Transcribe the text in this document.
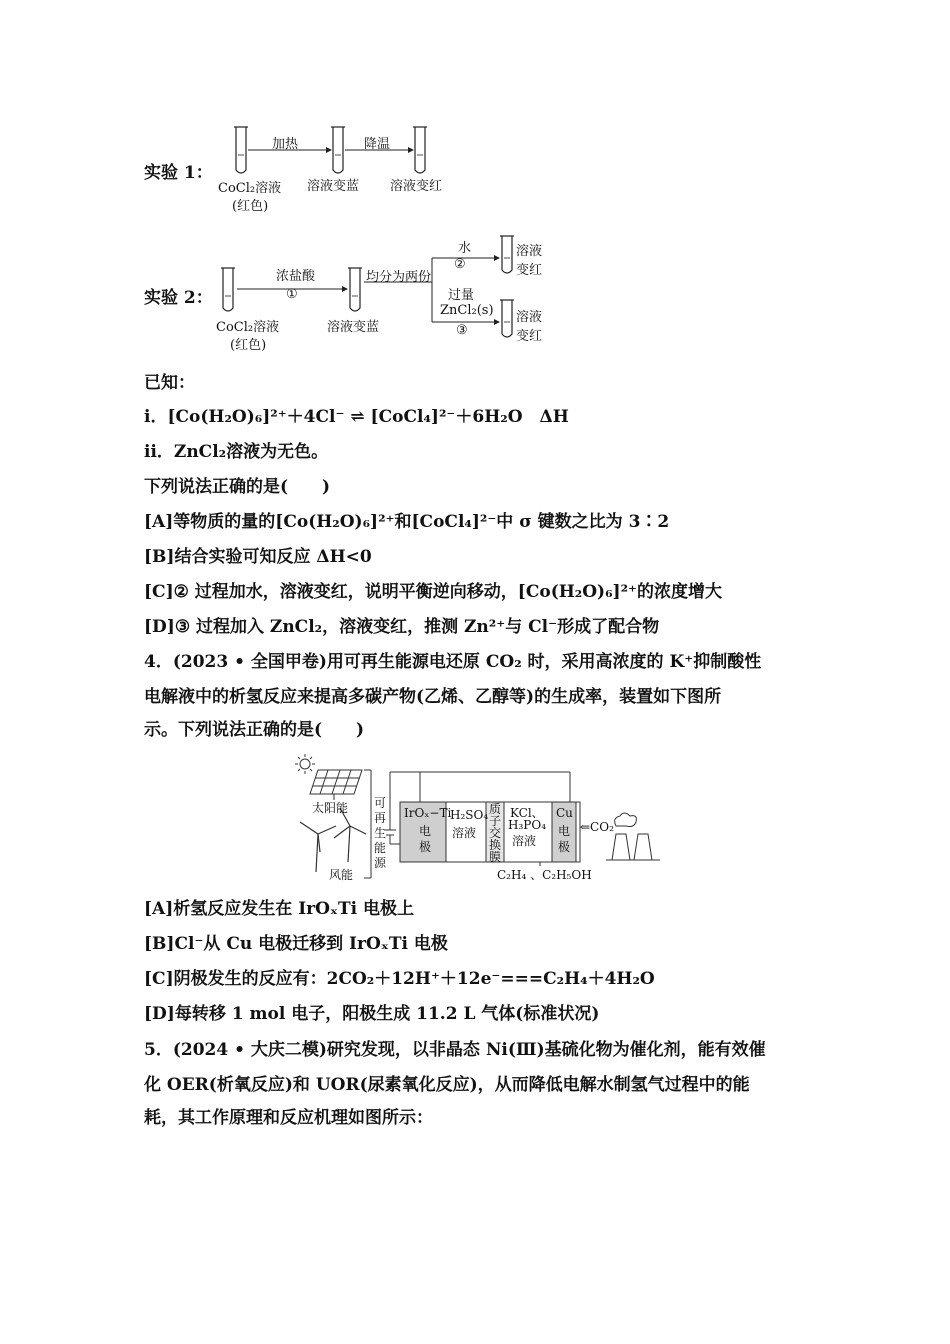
实验 1：
加热	降温
CoCl₂溶液
(红色)
溶液变蓝 溶液变红
实验 2：
浓盐酸
①
均分为两份
水
②
过量
ZnCl₂(s)
③
CoCl₂溶液
(红色)
溶液变蓝
溶液
变红
溶液
变红
已知：
ⅰ．[Co(H₂O)₆]²⁺＋4Cl⁻ ⇌ [CoCl₄]²⁻＋6H₂O　ΔH
ⅱ．ZnCl₂溶液为无色。
下列说法正确的是(　　)
[A]等物质的量的[Co(H₂O)₆]²⁺和[CoCl₄]²⁻中 σ 键数之比为 3∶2
[B]结合实验可知反应 ΔH<0
[C]② 过程加水，溶液变红，说明平衡逆向移动，[Co(H₂O)₆]²⁺的浓度增大
[D]③ 过程加入 ZnCl₂，溶液变红，推测 Zn²⁺与 Cl⁻形成了配合物
4．(2023 • 全国甲卷)用可再生能源电还原 CO₂ 时，采用高浓度的 K⁺抑制酸性
电解液中的析氢反应来提高多碳产物(乙烯、乙醇等)的生成率，装置如下图所
示。下列说法正确的是(　　)
太阳能
风能
可
再
生
能
源
IrOₓ−Ti
电
极
H₂SO₄
溶液
质
子
交
换
膜
KCl、
H₃PO₄
溶液
Cu
电
极
⇐CO₂
C₂H₄ 、C₂H₅OH
[A]析氢反应发生在 IrOₓTi 电极上
[B]Cl⁻从 Cu 电极迁移到 IrOₓTi 电极
[C]阴极发生的反应有：2CO₂＋12H⁺＋12e⁻===C₂H₄＋4H₂O
[D]每转移 1 mol 电子，阳极生成 11.2 L 气体(标准状况)
5．(2024 • 大庆二模)研究发现，以非晶态 Ni(Ⅲ)基硫化物为催化剂，能有效催
化 OER(析氧反应)和 UOR(尿素氧化反应)，从而降低电解水制氢气过程中的能
耗，其工作原理和反应机理如图所示：
